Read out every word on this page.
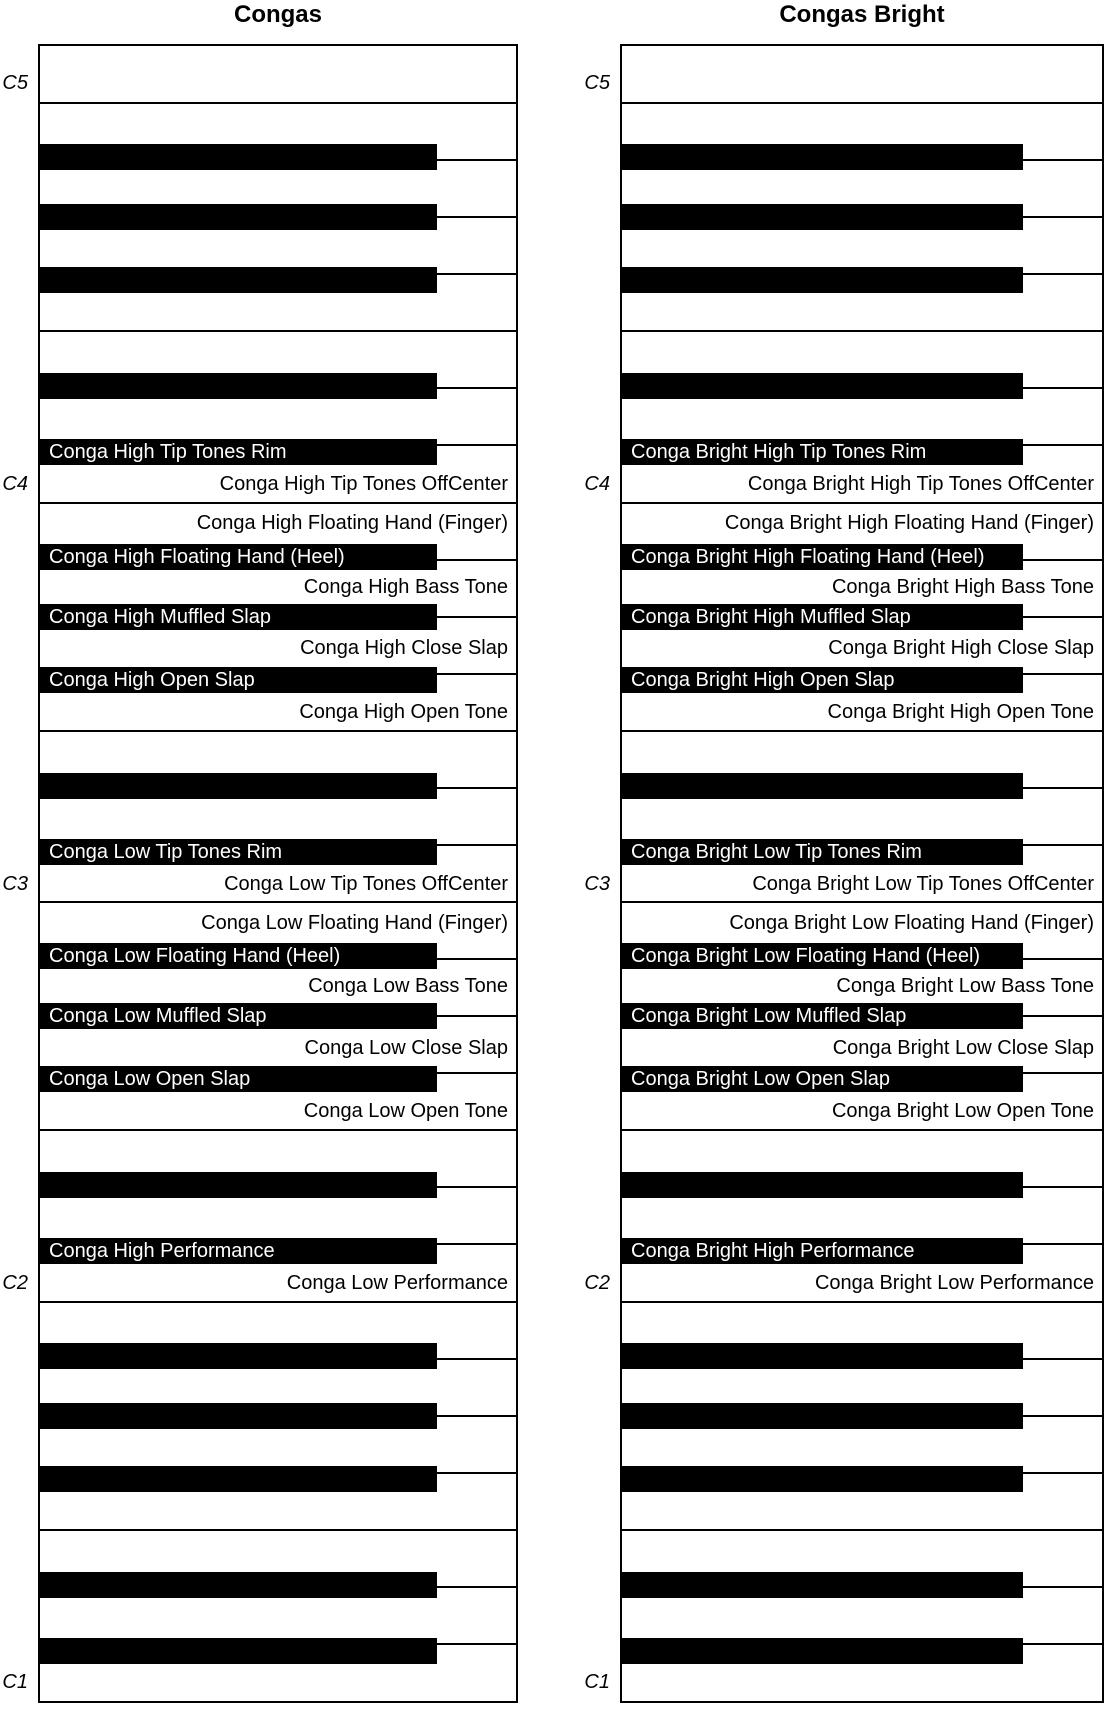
Congas	Congas Bright
Conga High Tip Tones Rim
Conga High Floating Hand (Heel)
Conga High Muffled Slap
Conga High Open Slap
Conga Low Tip Tones Rim
Conga Low Floating Hand (Heel)
Conga Low Muffled Slap
Conga Low Open Slap
Conga High Performance
Conga High Tip Tones OffCenter
Conga High Floating Hand (Finger)
Conga High Bass Tone
Conga High Close Slap
Conga High Open Tone
Conga Low Tip Tones OffCenter
Conga Low Floating Hand (Finger)
Conga Low Bass Tone
Conga Low Close Slap
Conga Low Open Tone
Conga Low Performance
Conga Bright High Tip Tones Rim
Conga Bright High Floating Hand (Heel)
Conga Bright High Muffled Slap
Conga Bright High Open Slap
Conga Bright Low Tip Tones Rim
Conga Bright Low Floating Hand (Heel)
Conga Bright Low Muffled Slap
Conga Bright Low Open Slap
Conga Bright High Performance
Conga Bright High Tip Tones OffCenter
Conga Bright High Floating Hand (Finger)
Conga Bright High Bass Tone
Conga Bright High Close Slap
Conga Bright High Open Tone
Conga Bright Low Tip Tones OffCenter
Conga Bright Low Floating Hand (Finger)
Conga Bright Low Bass Tone
Conga Bright Low Close Slap
Conga Bright Low Open Tone
Conga Bright Low Performance
C5
C4
C3
C2
C1
C5
C4
C3
C2
C1
